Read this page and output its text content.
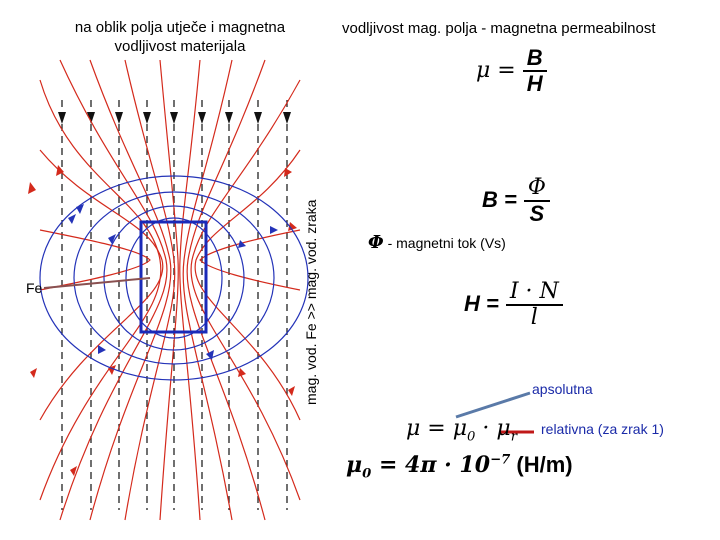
na oblik polja utječe i magnetna vodljivost materijala
vodljivost mag. polja - magnetna permeabilnost
mag. vod. Fe >> mag. vod. zraka
Fe
$\mu = \frac{B}{H}$
$B = \frac{\Phi}{S}$
Φ - magnetni tok (Vs)
$H = \frac{I \cdot N}{l}$
$\mu = \mu_0 \cdot \mu_r$
$\mu_0 = 4\pi \cdot 10^{-7}$ (H/m)
apsolutna
relativna (za zrak 1)
